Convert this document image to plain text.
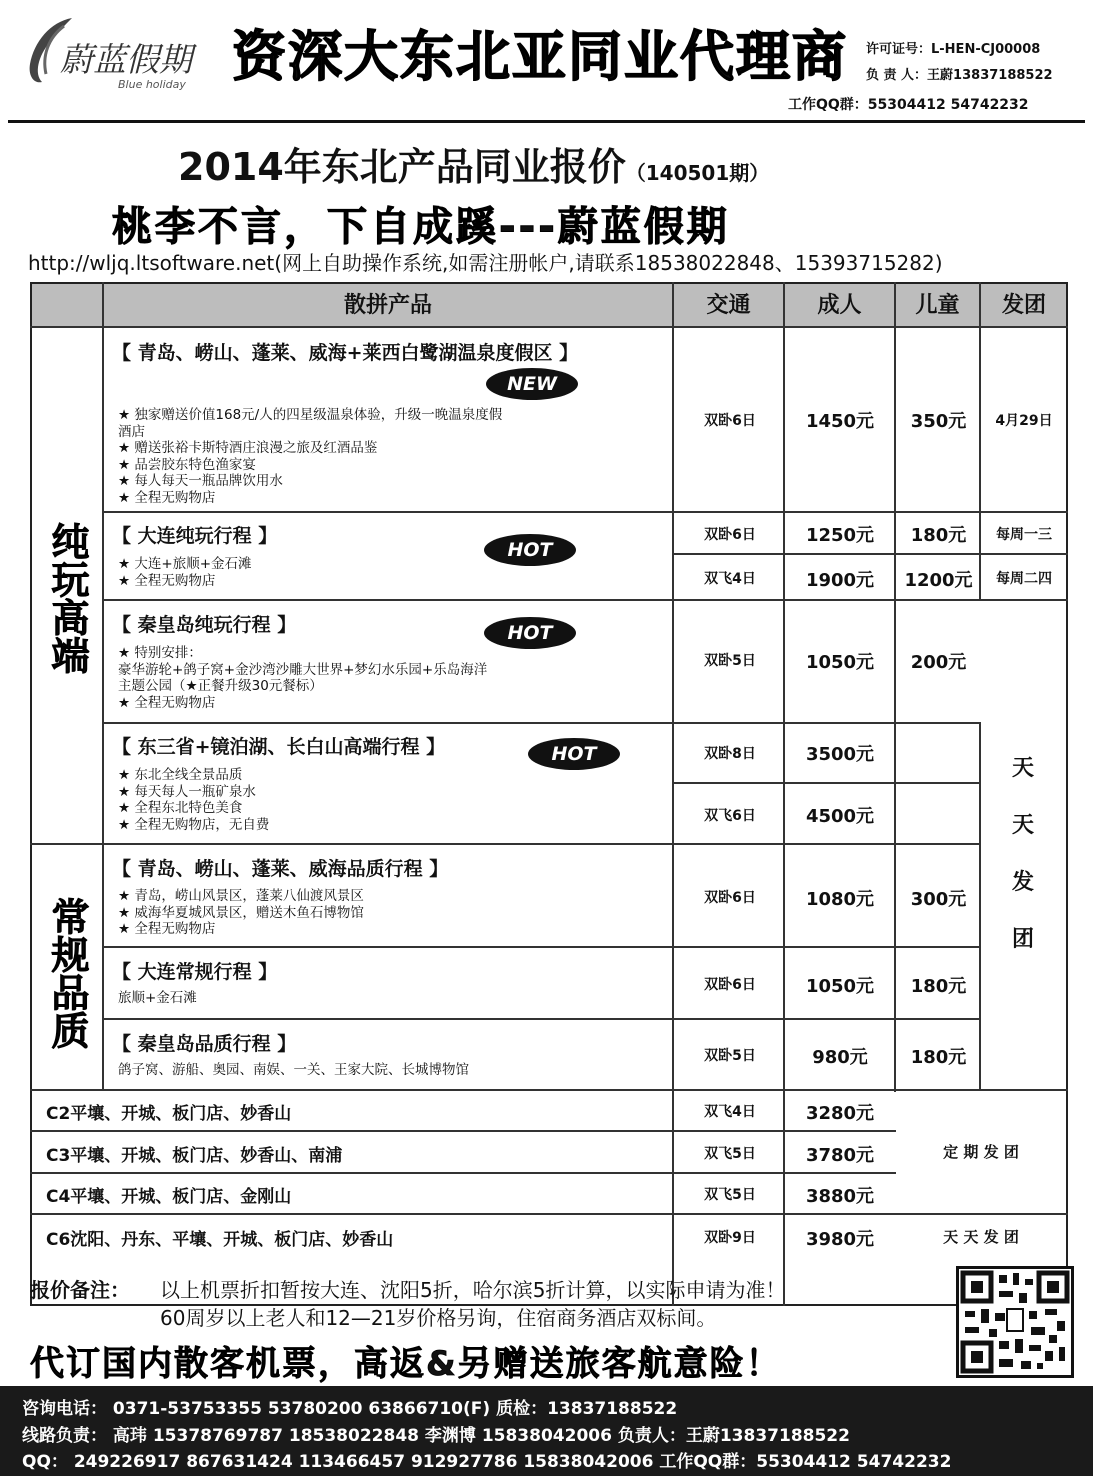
蔚蓝假期
Blue holiday 资深大东北亚同业代理商 许可证号：L-HEN-CJ00008
负 责 人：王蔚13837188522
工作QQ群：55304412 54742232
2014年东北产品同业报价（140501期）
桃李不言，下自成蹊---蔚蓝假期
http://wljq.ltsoftware.net(网上自助操作系统,如需注册帐户,请联系18538022848、15393715282)
散拼产品	交通	成人	儿童	发团
纯玩高端
常规品质
【 青岛、崂山、蓬莱、威海+莱西白鹭湖温泉度假区 】
NEW
★ 独家赠送价值168元/人的四星级温泉体验，升级一晚温泉度假
酒店
★ 赠送张裕卡斯特酒庄浪漫之旅及红酒品鉴
★ 品尝胶东特色渔家宴
★ 每人每天一瓶品牌饮用水
★ 全程无购物店
双卧6日	1450元	350元	4月29日
【 大连纯玩行程 】
HOT
★ 大连+旅顺+金石滩
★ 全程无购物店
双卧6日	1250元	180元	每周一三
双飞4日	1900元	1200元	每周二四
【 秦皇岛纯玩行程 】	HOT
★ 特别安排：
豪华游轮+鸽子窝+金沙湾沙雕大世界+梦幻水乐园+乐岛海洋
主题公园（★正餐升级30元餐标）
★ 全程无购物店
双卧5日	1050元	200元
【 东三省+镜泊湖、长白山高端行程 】	HOT
★ 东北全线全景品质
★ 每天每人一瓶矿泉水
★ 全程东北特色美食
★ 全程无购物店，无自费
双卧8日	3500元
双飞6日	4500元
天
天
发
团
【 青岛、崂山、蓬莱、威海品质行程 】
★ 青岛，崂山风景区，蓬莱八仙渡风景区
★ 威海华夏城风景区，赠送木鱼石博物馆
★ 全程无购物店
双卧6日	1080元	300元
【 大连常规行程 】
旅顺+金石滩
双卧6日	1050元	180元
【 秦皇岛品质行程 】
鸽子窝、游船、奥园、南娱、一关、王家大院、长城博物馆
双卧5日	980元	180元
C2平壤、开城、板门店、妙香山	双飞4日	3280元
C3平壤、开城、板门店、妙香山、南浦	双飞5日	3780元
C4平壤、开城、板门店、金刚山	双飞5日	3880元
C6沈阳、丹东、平壤、开城、板门店、妙香山	双卧9日	3980元
定 期 发 团
天 天 发 团
报价备注： 以上机票折扣暂按大连、沈阳5折，哈尔滨5折计算，以实际申请为准！
60周岁以上老人和12—21岁价格另询，住宿商务酒店双标间。
代订国内散客机票，高返&另赠送旅客航意险！
咨询电话： 0371-53753355 53780200 63866710(F) 质检：13837188522
线路负责： 高玮 15378769787 18538022848 李渊博 15838042006 负责人：王蔚13837188522
QQ： 249226917 867631424 113466457 912927786 15838042006 工作QQ群：55304412 54742232
